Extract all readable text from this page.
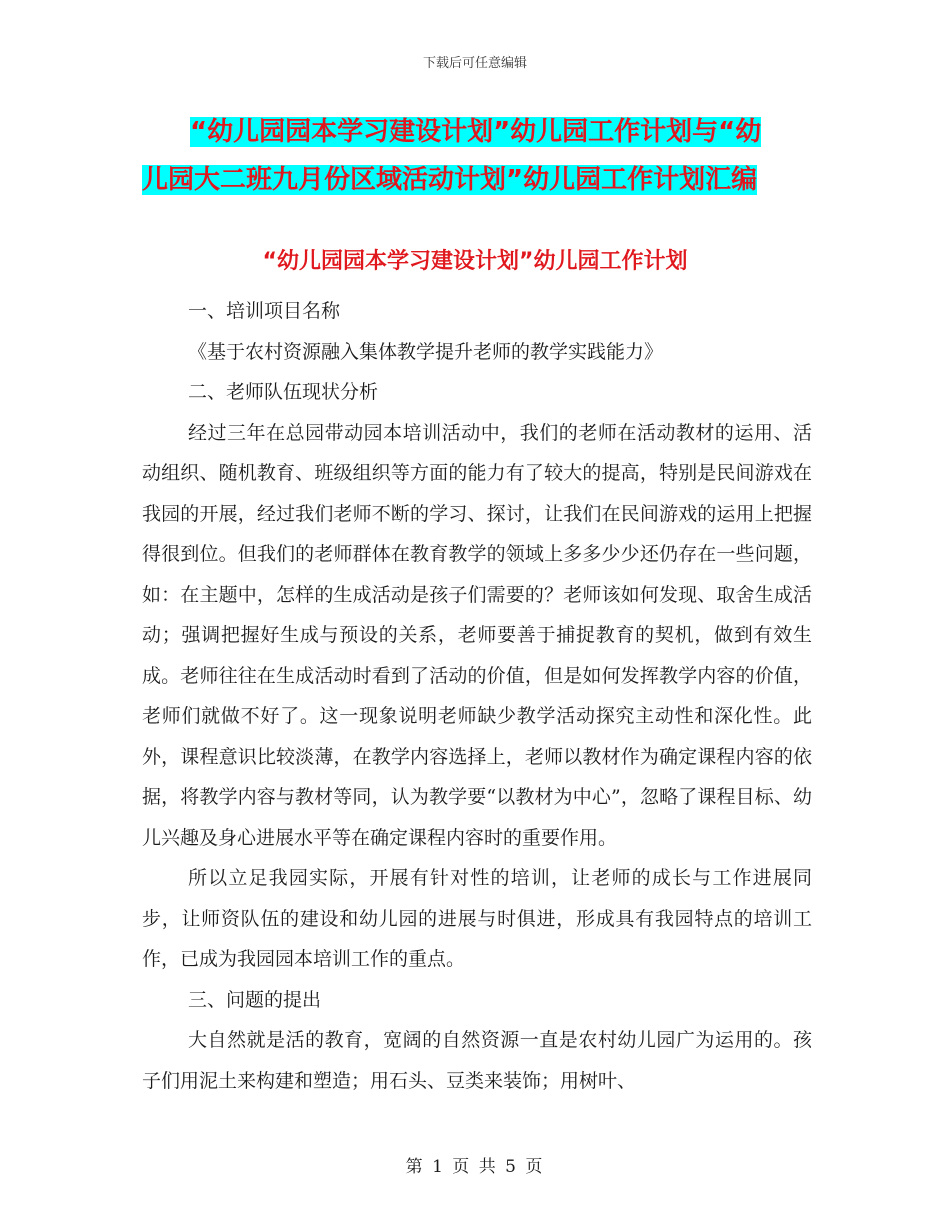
下载后可任意编辑
“幼儿园园本学习建设计划”幼儿园工作计划与“幼
儿园大二班九月份区域活动计划”幼儿园工作计划汇编
“幼儿园园本学习建设计划”幼儿园工作计划

一、培训项目名称

《基于农村资源融入集体教学提升老师的教学实践能力》

二、老师队伍现状分析

经过三年在总园带动园本培训活动中，我们的老师在活动教材的运用、活动组织、随机教育、班级组织等方面的能力有了较大的提高，特别是民间游戏在我园的开展，经过我们老师不断的学习、探讨，让我们在民间游戏的运用上把握得很到位。但我们的老师群体在教育教学的领域上多多少少还仍存在一些问题，如：在主题中，怎样的生成活动是孩子们需要的？老师该如何发现、取舍生成活动；强调把握好生成与预设的关系，老师要善于捕捉教育的契机，做到有效生成。老师往往在生成活动时看到了活动的价值，但是如何发挥教学内容的价值，老师们就做不好了。这一现象说明老师缺少教学活动探究主动性和深化性。此外，课程意识比较淡薄，在教学内容选择上，老师以教材作为确定课程内容的依据，将教学内容与教材等同，认为教学要“以教材为中心”，忽略了课程目标、幼儿兴趣及身心进展水平等在确定课程内容时的重要作用。

所以立足我园实际，开展有针对性的培训，让老师的成长与工作进展同步，让师资队伍的建设和幼儿园的进展与时俱进，形成具有我园特点的培训工作，已成为我园园本培训工作的重点。

三、问题的提出

大自然就是活的教育，宽阔的自然资源一直是农村幼儿园广为运用的。孩子们用泥土来构建和塑造；用石头、豆类来装饰；用树叶、

第 1 页 共 5 页
